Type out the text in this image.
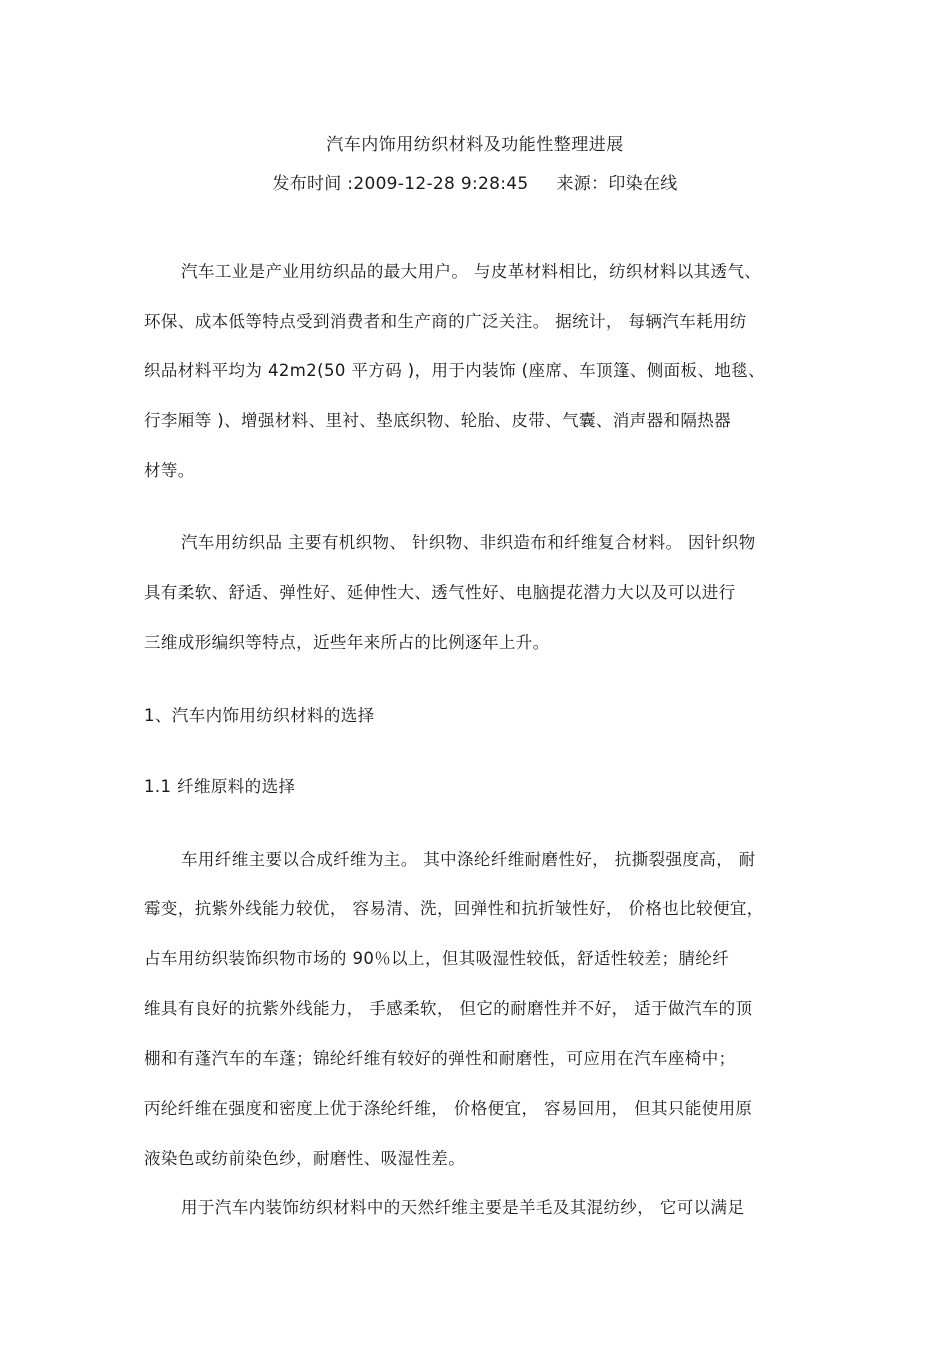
汽车内饰用纺织材料及功能性整理进展
发布时间 :2009-12-28 9:28:45 来源：印染在线
汽车工业是产业用纺织品的最大用户。 与皮革材料相比，纺织材料以其透气、
环保、成本低等特点受到消费者和生产商的广泛关注。 据统计， 每辆汽车耗用纺
织品材料平均为 42m2(50 平方码 )，用于内装饰 (座席、车顶篷、侧面板、地毯、
行李厢等 )、增强材料、里衬、垫底织物、轮胎、皮带、气囊、消声器和隔热器
材等。
汽车用纺织品 主要有机织物、 针织物、非织造布和纤维复合材料。 因针织物
具有柔软、舒适、弹性好、延伸性大、透气性好、电脑提花潜力大以及可以进行
三维成形编织等特点，近些年来所占的比例逐年上升。
1、汽车内饰用纺织材料的选择
1.1 纤维原料的选择
车用纤维主要以合成纤维为主。 其中涤纶纤维耐磨性好， 抗撕裂强度高， 耐
霉变，抗紫外线能力较优， 容易清、洗，回弹性和抗折皱性好， 价格也比较便宜，
占车用纺织装饰织物市场的 90％以上，但其吸湿性较低，舒适性较差；腈纶纤
维具有良好的抗紫外线能力， 手感柔软， 但它的耐磨性并不好， 适于做汽车的顶
棚和有蓬汽车的车蓬；锦纶纤维有较好的弹性和耐磨性，可应用在汽车座椅中；
丙纶纤维在强度和密度上优于涤纶纤维， 价格便宜， 容易回用， 但其只能使用原
液染色或纺前染色纱，耐磨性、吸湿性差。
用于汽车内装饰纺织材料中的天然纤维主要是羊毛及其混纺纱， 它可以满足
